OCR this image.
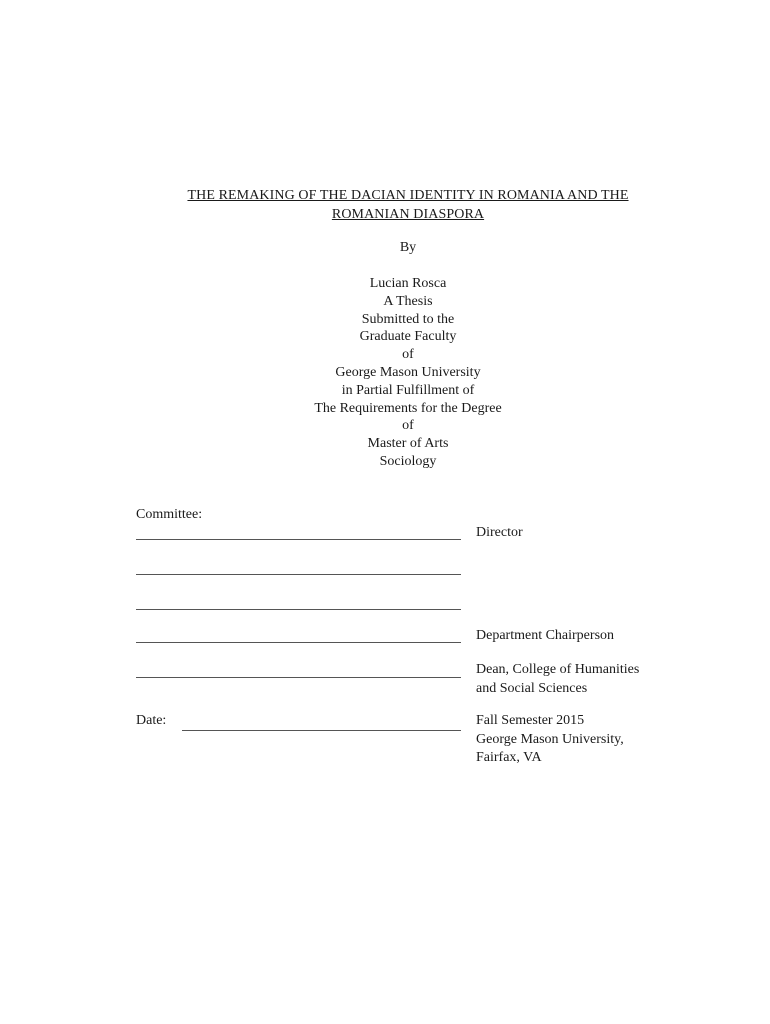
THE REMAKING OF THE DACIAN IDENTITY IN ROMANIA AND THE
ROMANIAN DIASPORA
By
Lucian Rosca
A Thesis
Submitted to the
Graduate Faculty
of
George Mason University
in Partial Fulfillment of
The Requirements for the Degree
of
Master of Arts
Sociology
Committee:
Director
Department Chairperson
Dean, College of Humanities
and Social Sciences
Date:	Fall Semester 2015
George Mason University,
Fairfax, VA
